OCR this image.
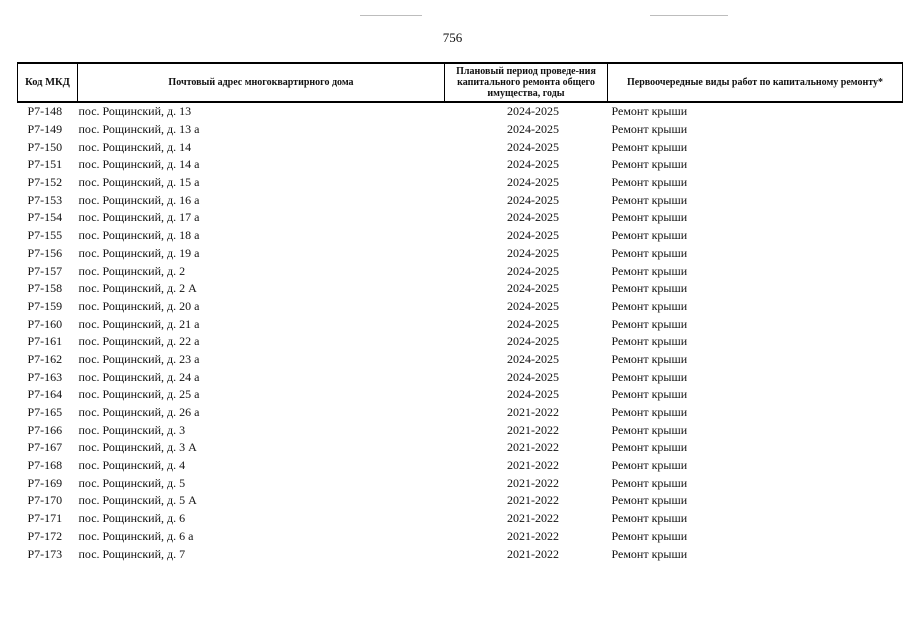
756
Код МКД	Почтовый адрес многоквартирного дома	Плановый период проведе-ния капитального ремонта общего имущества, годы	Первоочередные виды работ по капитальному ремонту*
Р7-148	пос. Рощинский, д. 13	2024-2025	Ремонт крыши
Р7-149	пос. Рощинский, д. 13 а	2024-2025	Ремонт крыши
Р7-150	пос. Рощинский, д. 14	2024-2025	Ремонт крыши
Р7-151	пос. Рощинский, д. 14 а	2024-2025	Ремонт крыши
Р7-152	пос. Рощинский, д. 15 а	2024-2025	Ремонт крыши
Р7-153	пос. Рощинский, д. 16 а	2024-2025	Ремонт крыши
Р7-154	пос. Рощинский, д. 17 а	2024-2025	Ремонт крыши
Р7-155	пос. Рощинский, д. 18 а	2024-2025	Ремонт крыши
Р7-156	пос. Рощинский, д. 19 а	2024-2025	Ремонт крыши
Р7-157	пос. Рощинский, д. 2	2024-2025	Ремонт крыши
Р7-158	пос. Рощинский, д. 2 А	2024-2025	Ремонт крыши
Р7-159	пос. Рощинский, д. 20 а	2024-2025	Ремонт крыши
Р7-160	пос. Рощинский, д. 21 а	2024-2025	Ремонт крыши
Р7-161	пос. Рощинский, д. 22 а	2024-2025	Ремонт крыши
Р7-162	пос. Рощинский, д. 23 а	2024-2025	Ремонт крыши
Р7-163	пос. Рощинский, д. 24 а	2024-2025	Ремонт крыши
Р7-164	пос. Рощинский, д. 25 а	2024-2025	Ремонт крыши
Р7-165	пос. Рощинский, д. 26 а	2021-2022	Ремонт крыши
Р7-166	пос. Рощинский, д. 3	2021-2022	Ремонт крыши
Р7-167	пос. Рощинский, д. 3 А	2021-2022	Ремонт крыши
Р7-168	пос. Рощинский, д. 4	2021-2022	Ремонт крыши
Р7-169	пос. Рощинский, д. 5	2021-2022	Ремонт крыши
Р7-170	пос. Рощинский, д. 5 А	2021-2022	Ремонт крыши
Р7-171	пос. Рощинский, д. 6	2021-2022	Ремонт крыши
Р7-172	пос. Рощинский, д. 6 а	2021-2022	Ремонт крыши
Р7-173	пос. Рощинский, д. 7	2021-2022	Ремонт крыши
